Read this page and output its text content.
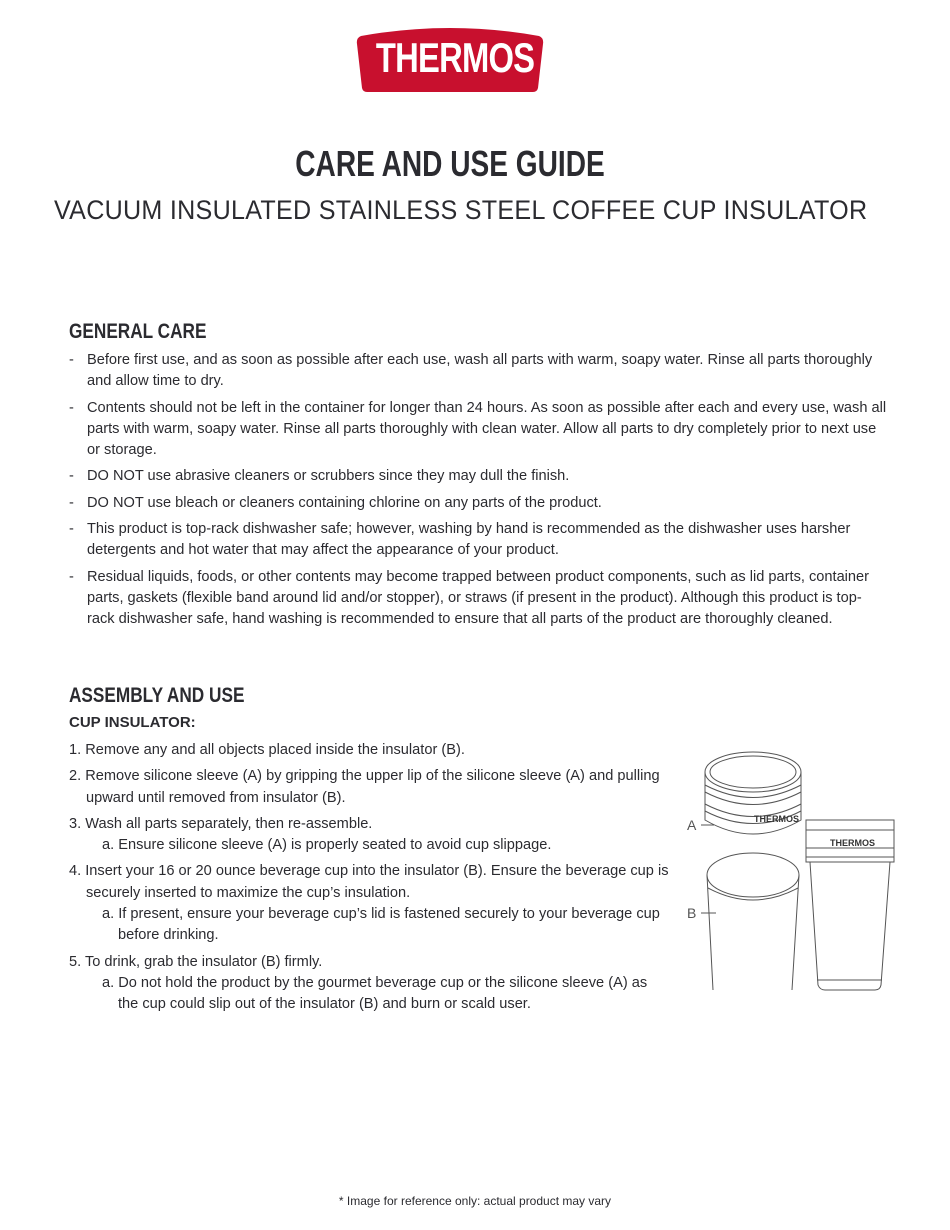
THERMOS
CARE AND USE GUIDE
VACUUM INSULATED STAINLESS STEEL COFFEE CUP INSULATOR
GENERAL CARE
- Before first use, and as soon as possible after each use, wash all parts with warm, soapy water. Rinse all parts thoroughly and allow time to dry.
- Contents should not be left in the container for longer than 24 hours. As soon as possible after each and every use, wash all parts with warm, soapy water. Rinse all parts thoroughly with clean water. Allow all parts to dry completely prior to next use or storage.
- DO NOT use abrasive cleaners or scrubbers since they may dull the finish.
- DO NOT use bleach or cleaners containing chlorine on any parts of the product.
- This product is top-rack dishwasher safe; however, washing by hand is recommended as the dishwasher uses harsher detergents and hot water that may affect the appearance of your product.
- Residual liquids, foods, or other contents may become trapped between product components, such as lid parts, container parts, gaskets (flexible band around lid and/or stopper), or straws (if present in the product). Although this product is top-rack dishwasher safe, hand washing is recommended to ensure that all parts of the product are thoroughly cleaned.
ASSEMBLY AND USE
CUP INSULATOR:
1. Remove any and all objects placed inside the insulator (B).
2. Remove silicone sleeve (A) by gripping the upper lip of the silicone sleeve (A) and pulling upward until removed from insulator (B).
3. Wash all parts separately, then re-assemble.
a. Ensure silicone sleeve (A) is properly seated to avoid cup slippage.
4. Insert your 16 or 20 ounce beverage cup into the insulator (B). Ensure the beverage cup is securely inserted to maximize the cup’s insulation.
a. If present, ensure your beverage cup’s lid is fastened securely to your beverage cup before drinking.
5. To drink, grab the insulator (B) firmly.
a. Do not hold the product by the gourmet beverage cup or the silicone sleeve (A) as the cup could slip out of the insulator (B) and burn or scald user.
THERMOS
THERMOS
A
B
* Image for reference only: actual product may vary
